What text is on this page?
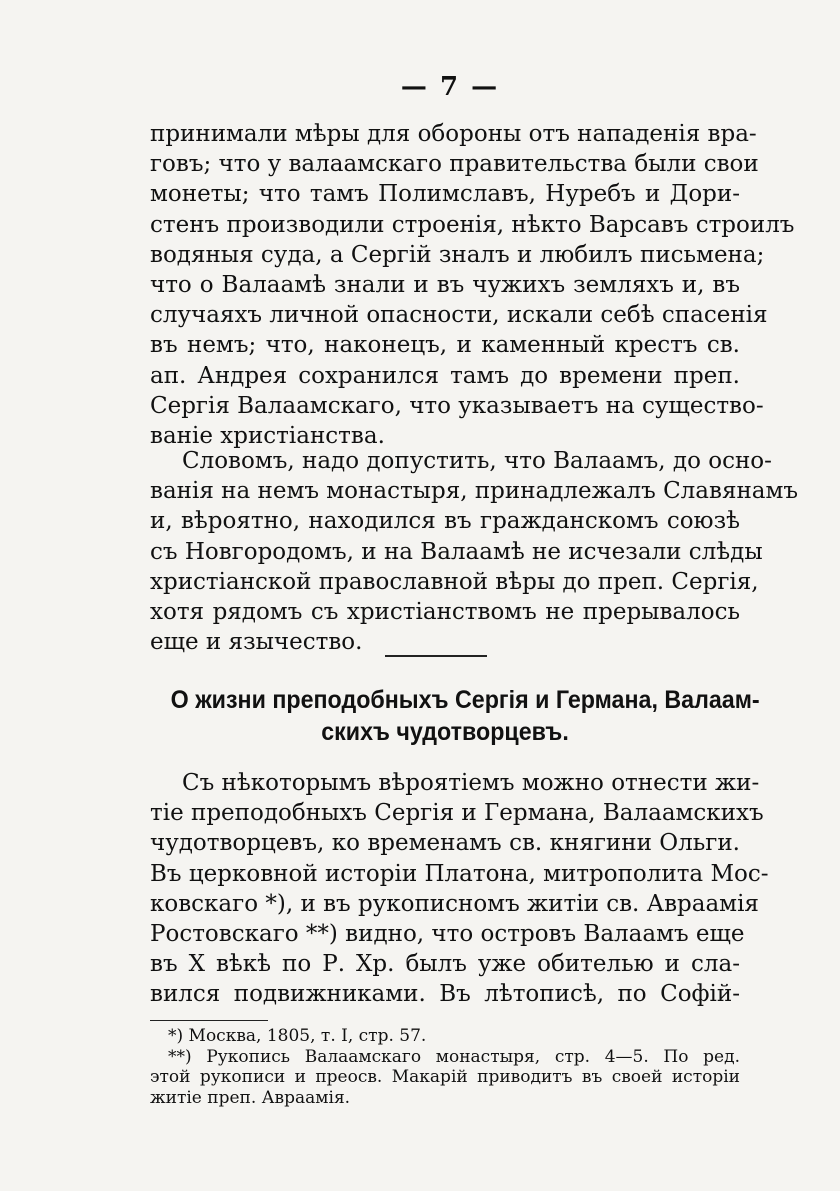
— 7 —
принимали мѣры для обороны отъ нападенія вра-
говъ; что у валаамскаго правительства были свои
монеты; что тамъ Полимславъ, Нуребъ и Дори-
стенъ производили строенія, нѣкто Варсавъ строилъ
водяныя суда, а Сергій зналъ и любилъ письмена;
что о Валаамѣ знали и въ чужихъ земляхъ и, въ
случаяхъ личной опасности, искали себѣ спасенія
въ немъ; что, наконецъ, и каменный крестъ св.
ап. Андрея сохранился тамъ до времени преп.
Сергія Валаамскаго, что указываетъ на существо-
ваніе христіанства.
Словомъ, надо допустить, что Валаамъ, до осно-
ванія на немъ монастыря, принадлежалъ Славянамъ
и, вѣроятно, находился въ гражданскомъ союзѣ
съ Новгородомъ, и на Валаамѣ не исчезали слѣды
христіанской православной вѣры до преп. Сергія,
хотя рядомъ съ христіанствомъ не прерывалось
еще и язычество.
О жизни преподобныхъ Сергія и Германа, Валаам-
скихъ чудотворцевъ.
Съ нѣкоторымъ вѣроятіемъ можно отнести жи-
тіе преподобныхъ Сергія и Германа, Валаамскихъ
чудотворцевъ, ко временамъ св. княгини Ольги.
Въ церковной исторіи Платона, митрополита Мос-
ковскаго *), и въ рукописномъ житіи св. Авраамія
Ростовскаго **) видно, что островъ Валаамъ еще
въ X вѣкѣ по Р. Хр. былъ уже обителью и сла-
вился подвижниками. Въ лѣтописѣ, по Софій-
*) Москва, 1805, т. I, стр. 57.
**) Рукопись Валаамскаго монастыря, стр. 4—5. По ред.
этой рукописи и преосв. Макарій приводитъ въ своей исторіи
житіе преп. Авраамія.
